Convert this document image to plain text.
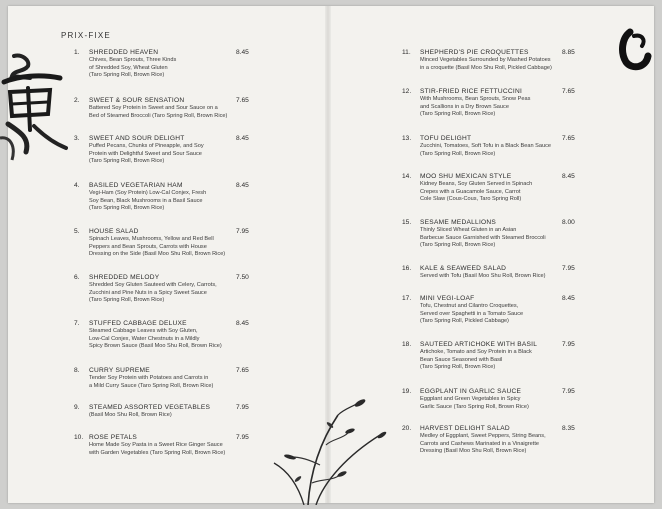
PRIX-FIXE
1. SHREDDED HEAVEN	8.45
Chives, Bean Sprouts, Three Kinds
of Shredded Soy, Wheat Gluten
(Taro Spring Roll, Brown Rice)
2. SWEET & SOUR SENSATION	7.65
Battered Soy Protein in Sweet and Sour Sauce on a
Bed of Steamed Broccoli (Taro Spring Roll, Brown Rice)
3. SWEET AND SOUR DELIGHT	8.45
Puffed Pecans, Chunks of Pineapple, and Soy
Protein with Delightful Sweet and Sour Sauce
(Taro Spring Roll, Brown Rice)
4. BASILED VEGETARIAN HAM	8.45
Vegi-Ham (Soy Protein) Low-Cal Conjex, Fresh
Soy Bean, Black Mushrooms in a Basil Sauce
(Taro Spring Roll, Brown Rice)
5. HOUSE SALAD	7.95
Spinach Leaves, Mushrooms, Yellow and Red Bell
Peppers and Bean Sprouts, Carrots with House
Dressing on the Side (Basil Moo Shu Roll, Brown Rice)
6. SHREDDED MELODY	7.50
Shredded Soy Gluten Sauteed with Celery, Carrots,
Zucchini and Pine Nuts in a Spicy Sweet Sauce
(Taro Spring Roll, Brown Rice)
7. STUFFED CABBAGE DELUXE	8.45
Steamed Cabbage Leaves with Soy Gluten,
Low-Cal Conjex, Water Chestnuts in a Mildly
Spicy Brown Sauce (Basil Moo Shu Roll, Brown Rice)
8. CURRY SUPREME	7.65
Tender Soy Protein with Potatoes and Carrots in
a Mild Curry Sauce (Taro Spring Roll, Brown Rice)
9. STEAMED ASSORTED VEGETABLES	7.95
(Basil Moo Shu Roll, Brown Rice)
10. ROSE PETALS	7.95
Home Made Soy Pasta in a Sweet Rice Ginger Sauce
with Garden Vegetables (Taro Spring Roll, Brown Rice)
11. SHEPHERD'S PIE CROQUETTES	8.85
Minced Vegetables Surrounded by Mashed Potatoes
in a croquette (Basil Moo Shu Roll, Pickled Cabbage)
12. STIR-FRIED RICE FETTUCCINI	7.65
With Mushrooms, Bean Sprouts, Snow Peas
and Scallions in a Dry Brown Sauce
(Taro Spring Roll, Brown Rice)
13. TOFU DELIGHT	7.65
Zucchini, Tomatoes, Soft Tofu in a Black Bean Sauce
(Taro Spring Roll, Brown Rice)
14. MOO SHU MEXICAN STYLE	8.45
Kidney Beans, Soy Gluten Served in Spinach
Crepes with a Guacamole Sauce, Carrot
Cole Slaw (Cous-Cous, Taro Spring Roll)
15. SESAME MEDALLIONS	8.00
Thinly Sliced Wheat Gluten in an Asian
Barbecue Sauce Garnished with Steamed Broccoli
(Taro Spring Roll, Brown Rice)
16. KALE & SEAWEED SALAD	7.95
Served with Tofu (Basil Moo Shu Roll, Brown Rice)
17. MINI VEGI-LOAF	8.45
Tofu, Chestnut and Cilantro Croquettes,
Served over Spaghetti in a Tomato Sauce
(Taro Spring Roll, Pickled Cabbage)
18. SAUTEED ARTICHOKE WITH BASIL	7.95
Artichoke, Tomato and Soy Protein in a Black
Bean Sauce Seasoned with Basil
(Taro Spring Roll, Brown Rice)
19. EGGPLANT IN GARLIC SAUCE	7.95
Eggplant and Green Vegetables in Spicy
Garlic Sauce (Taro Spring Roll, Brown Rice)
20. HARVEST DELIGHT SALAD	8.35
Medley of Eggplant, Sweet Peppers, String Beans,
Carrots and Cashews Marinated in a Vinaigrette
Dressing (Basil Moo Shu Roll, Brown Rice)
